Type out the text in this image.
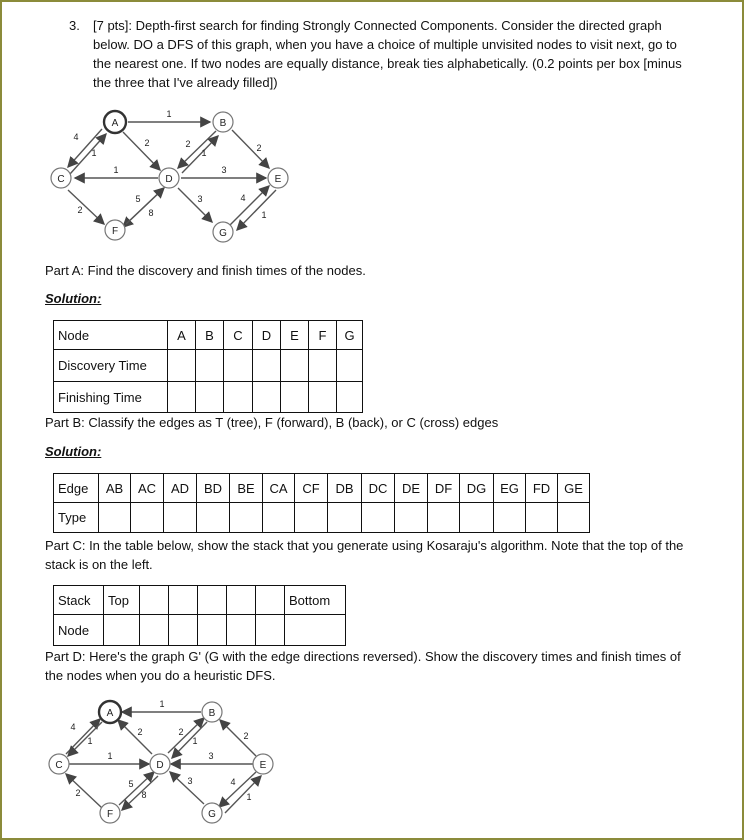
3. [7 pts]: Depth-first search for finding Strongly Connected Components. Consider the directed graph below. DO a DFS of this graph, when you have a choice of multiple unvisited nodes to visit next, go to the nearest one. If two nodes are equally distance, break ties alphabetically. (0.2 points per box [minus the three that I've already filled])
1
4
1
2	2
1
1	3
2
2
5
8
3	4
1
A	B
C	D	E
F	G
Part A: Find the discovery and finish times of the nodes.
Solution:
Node	A	B	C	D	E	F	G
Discovery Time							
Finishing Time							
Part B: Classify the edges as T (tree), F (forward), B (back), or C (cross) edges
Solution:
Edge	AB	AC	AD	BD	BE	CA	CF	DB	DC	DE	DF	DG	EG	FD	GE
Type															
Part C: In the table below, show the stack that you generate using Kosaraju's algorithm. Note that the top of the stack is on the left.
Stack	Top						Bottom
Node							
Part D: Here's the graph G' (G with the edge directions reversed). Show the discovery times and finish times of the nodes when you do a heuristic DFS.
1
4
1
2	2
1
1	3
2
2
5
8
3	4
1
A	B
C	D	E
F	G
